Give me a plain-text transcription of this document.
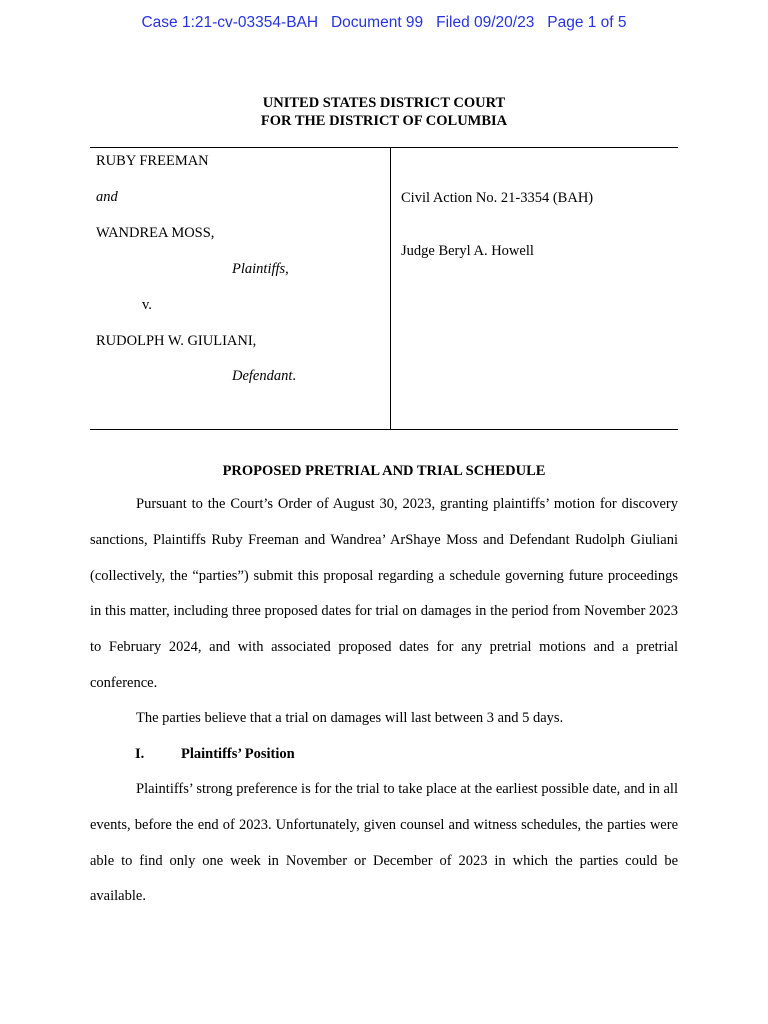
Case 1:21-cv-03354-BAH   Document 99   Filed 09/20/23   Page 1 of 5
UNITED STATES DISTRICT COURT
FOR THE DISTRICT OF COLUMBIA
RUBY FREEMAN
and
WANDREA MOSS,
Plaintiffs,
v.
RUDOLPH W. GIULIANI,
Defendant.
Civil Action No. 21-3354 (BAH)
Judge Beryl A. Howell
PROPOSED PRETRIAL AND TRIAL SCHEDULE

Pursuant to the Court’s Order of August 30, 2023, granting plaintiffs’ motion for discovery sanctions, Plaintiffs Ruby Freeman and Wandrea’ ArShaye Moss and Defendant Rudolph Giuliani (collectively, the “parties”) submit this proposal regarding a schedule governing future proceedings in this matter, including three proposed dates for trial on damages in the period from November 2023 to February 2024, and with associated proposed dates for any pretrial motions and a pretrial conference.

The parties believe that a trial on damages will last between 3 and 5 days.

I.	Plaintiffs’ Position

Plaintiffs’ strong preference is for the trial to take place at the earliest possible date, and in all events, before the end of 2023. Unfortunately, given counsel and witness schedules, the parties were able to find only one week in November or December of 2023 in which the parties could be available.
